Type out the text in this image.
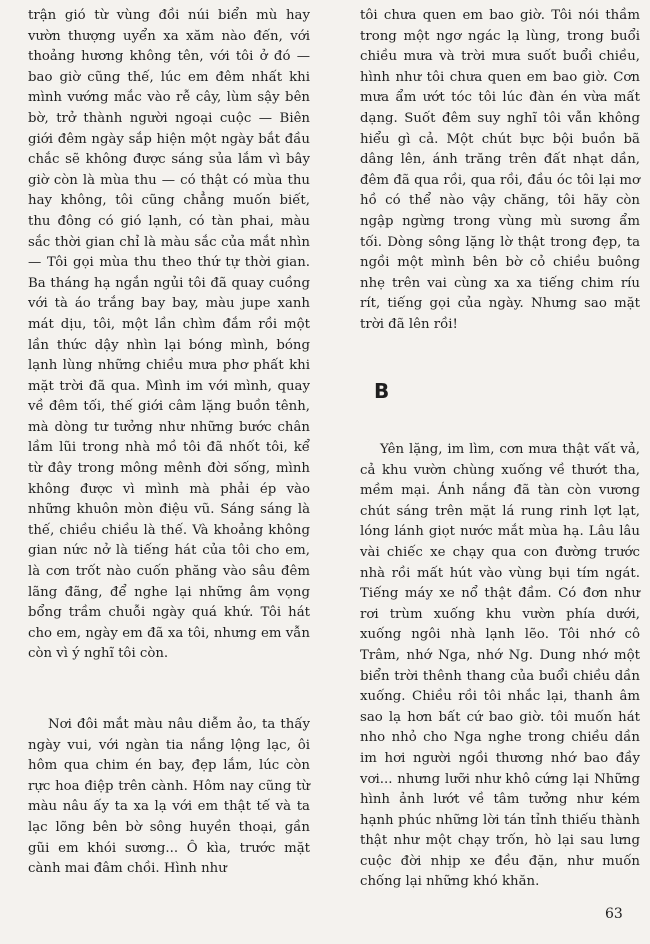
trận gió từ vùng đồi núi biển mù hay vườn thượng uyển xa xăm nào đến, với thoảng hương không tên, với tôi ở đó — bao giờ cũng thế, lúc em đêm nhất khi mình vướng mắc vào rễ cây, lùm sậy bên bờ, trở thành người ngoại cuộc — Biên giới đêm ngày sắp hiện một ngày bắt đầu chắc sẽ không được sáng sủa lắm vì bây giờ còn là mùa thu — có thật có mùa thu hay không, tôi cũng chẳng muốn biết, thu đông có gió lạnh, có tàn phai, màu sắc thời gian chỉ là màu sắc của mắt nhìn — Tôi gọi mùa thu theo thứ tự thời gian. Ba tháng hạ ngắn ngủi tôi đã quay cuồng với tà áo trắng bay bay, màu jupe xanh mát dịu, tôi, một lần chìm đắm rồi một lần thức dậy nhìn lại bóng mình, bóng lạnh lùng những chiều mưa phơ phất khi mặt trời đã qua. Mình im với mình, quay về đêm tối, thế giới câm lặng buồn tênh, mà dòng tư tưởng như những bước chân lầm lũi trong nhà mồ tôi đã nhốt tôi, kể từ đây trong mông mênh đời sống, mình không được vì mình mà phải ép vào những khuôn mòn điệu vũ. Sáng sáng là thế, chiều chiều là thế. Và khoảng không gian nức nở là tiếng hát của tôi cho em, là cơn trốt nào cuốn phăng vào sâu đêm lãng đãng, để nghe lại những âm vọng bổng trầm chuỗi ngày quá khứ. Tôi hát cho em, ngày em đã xa tôi, nhưng em vẫn còn vì ý nghĩ tôi còn.

Nơi đôi mắt màu nâu diễm ảo, ta thấy ngày vui, với ngàn tia nắng lộng lạc, ôi hôm qua chim én bay, đẹp lắm, lúc còn rực hoa điệp trên cành. Hôm nay cũng từ màu nâu ấy ta xa lạ với em thật tế và ta lạc lõng bên bờ sông huyền thoại, gần gũi em khói sương... Ô kìa, trước mặt cành mai đâm chồi. Hình như

tôi chưa quen em bao giờ. Tôi nói thầm trong một ngơ ngác lạ lùng, trong buổi chiều mưa và trời mưa suốt buổi chiều, hình như tôi chưa quen em bao giờ. Cơn mưa ẩm ướt tóc tôi lúc đàn én vừa mất dạng. Suốt đêm suy nghĩ tôi vẫn không hiểu gì cả. Một chút bực bội buồn bã dâng lên, ánh trăng trên đất nhạt dần, đêm đã qua rồi, qua rồi, đầu óc tôi lại mơ hồ có thể nào vậy chăng, tôi hãy còn ngập ngừng trong vùng mù sương ẩm tối. Dòng sông lặng lờ thật trong đẹp, ta ngồi một mình bên bờ cỏ chiều buông nhẹ trên vai cùng xa xa tiếng chim ríu rít, tiếng gọi của ngày. Nhưng sao mặt trời đã lên rồi!

B

Yên lặng, im lìm, cơn mưa thật vất vả, cả khu vườn chùng xuống về thướt tha, mềm mại. Ánh nắng đã tàn còn vương chút sáng trên mặt lá rung rinh lợt lạt, lóng lánh giọt nước mắt mùa hạ. Lâu lâu vài chiếc xe chạy qua con đường trước nhà rồi mất hút vào vùng bụi tím ngát. Tiếng máy xe nổ thật đầm. Có đơn như rơi trùm xuống khu vườn phía dưới, xuống ngôi nhà lạnh lẽo. Tôi nhớ cô Trâm, nhớ Nga, nhớ Ng. Dung nhớ một biển trời thênh thang của buổi chiều dần xuống. Chiều rồi tôi nhắc lại, thanh âm sao lạ hơn bất cứ bao giờ. tôi muốn hát nho nhỏ cho Nga nghe trong chiều dần im hơi người ngồi thương nhớ bao đầy vơi... nhưng lưỡi như khô cứng lại Những hình ảnh lướt về tâm tưởng như kém hạnh phúc những lời tán tỉnh thiếu thành thật như một chạy trốn, hò lại sau lưng cuộc đời nhịp xe đều đặn, như muốn chống lại những khó khăn.

63
